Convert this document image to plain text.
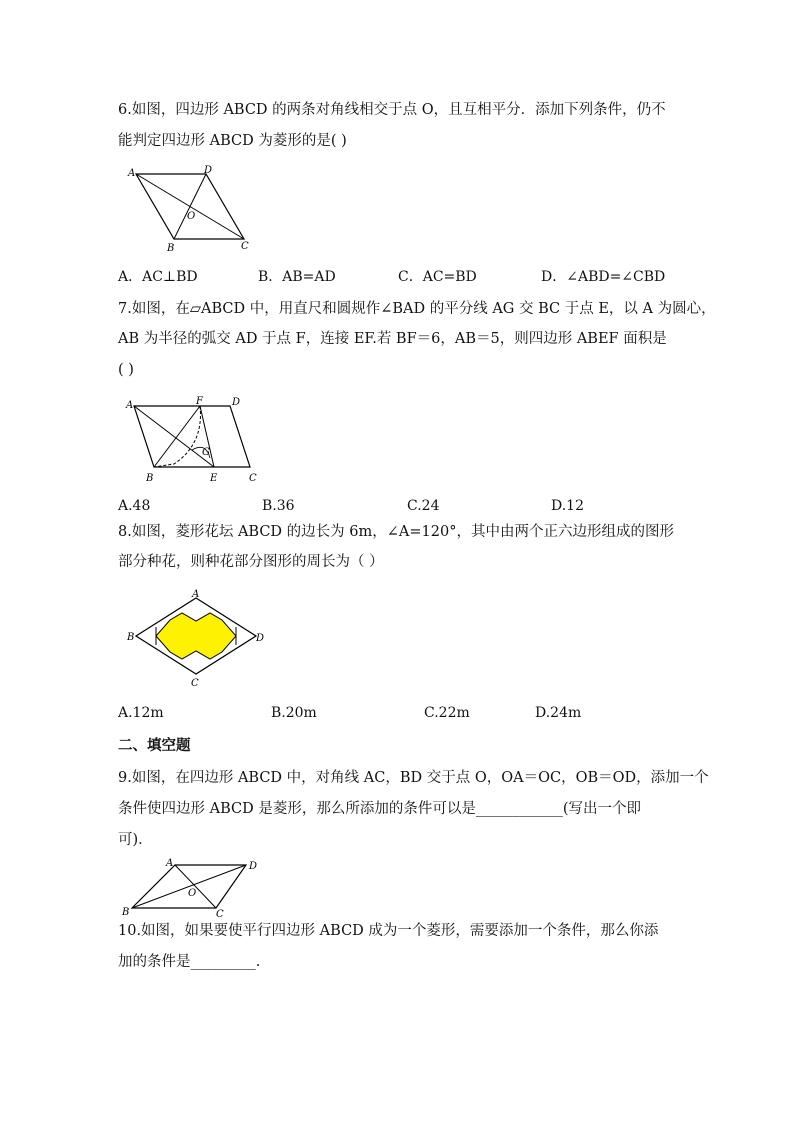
6.如图，四边形 ABCD 的两条对角线相交于点 O，且互相平分．添加下列条件，仍不
能判定四边形 ABCD 为菱形的是( )
A	D
O
B	C
A．AC⊥BD	B．AB=AD	C．AC=BD	D．∠ABD=∠CBD
7.如图，在▱ABCD 中，用直尺和圆规作∠BAD 的平分线 AG 交 BC 于点 E，以 A 为圆心，
AB 为半径的弧交 AD 于点 F，连接 EF.若 BF＝6，AB＝5，则四边形 ABEF 面积是
( )
A	F	D
G
B	E	C
A.48	B.36	C.24	D.12
8.如图，菱形花坛 ABCD 的边长为 6m，∠A=120°，其中由两个正六边形组成的图形
部分种花，则种花部分图形的周长为（ ）
A
B	D
C
A.12m	B.20m	C.22m	D.24m
二、填空题
9.如图，在四边形 ABCD 中，对角线 AC，BD 交于点 O，OA＝OC，OB＝OD，添加一个
条件使四边形 ABCD 是菱形，那么所添加的条件可以是____________(写出一个即
可)．
A	D
O
B	C
10.如图，如果要使平行四边形 ABCD 成为一个菱形，需要添加一个条件，那么你添
加的条件是_________.
